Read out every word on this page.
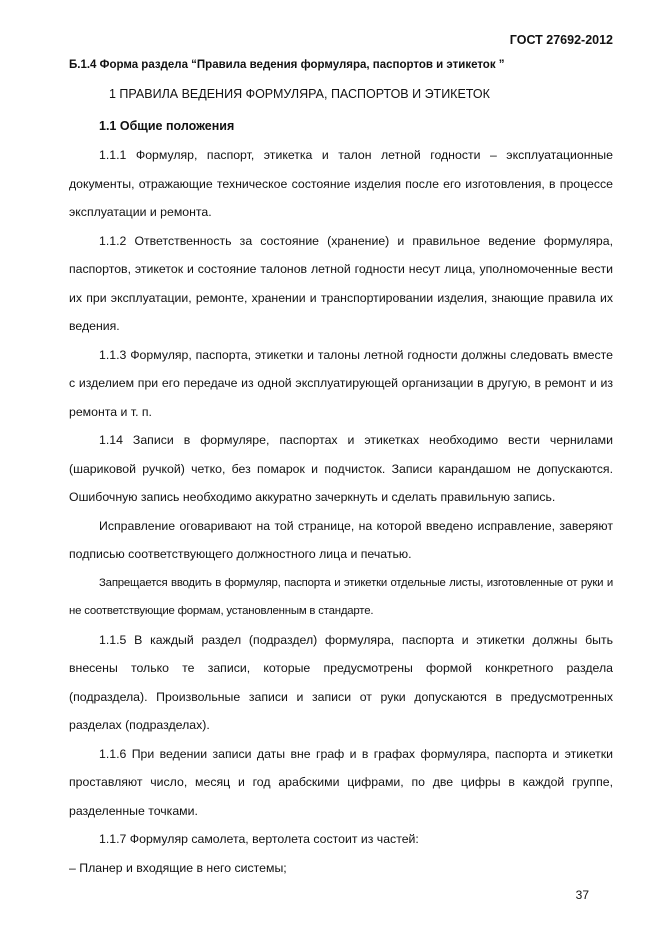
ГОСТ 27692-2012
Б.1.4 Форма раздела “Правила ведения формуляра, паспортов и этикеток ”
1 ПРАВИЛА ВЕДЕНИЯ ФОРМУЛЯРА, ПАСПОРТОВ И ЭТИКЕТОК
1.1 Общие положения

1.1.1 Формуляр, паспорт, этикетка и талон летной годности – эксплуатационные документы, отражающие техническое состояние изделия после его изготовления, в процессе эксплуатации и ремонта.

1.1.2 Ответственность за состояние (хранение) и правильное ведение формуляра, паспортов, этикеток и состояние талонов летной годности несут лица, уполномоченные вести их при эксплуатации, ремонте, хранении и транспортировании изделия, знающие правила их ведения.

1.1.3 Формуляр, паспорта, этикетки и талоны летной годности должны следовать вместе с изделием при его передаче из одной эксплуатирующей организации в другую, в ремонт и из ремонта и т. п.

1.14 Записи в формуляре, паспортах и этикетках необходимо вести чернилами (шариковой ручкой) четко, без помарок и подчисток. Записи карандашом не допускаются. Ошибочную запись необходимо аккуратно зачеркнуть и сделать правильную запись.

Исправление оговаривают на той странице, на которой введено исправление, заверяют подписью соответствующего должностного лица и печатью.

Запрещается вводить в формуляр, паспорта и этикетки отдельные листы, изготовленные от руки и не соответствующие формам, установленным в стандарте.

1.1.5 В каждый раздел (подраздел) формуляра, паспорта и этикетки должны быть внесены только те записи, которые предусмотрены формой конкретного раздела (подраздела). Произвольные записи и записи от руки допускаются в предусмотренных разделах (подразделах).

1.1.6 При ведении записи даты вне граф и в графах формуляра, паспорта и этикетки проставляют число, месяц и год арабскими цифрами, по две цифры в каждой группе, разделенные точками.

1.1.7 Формуляр самолета, вертолета состоит из частей:

– Планер и входящие в него системы;

37
